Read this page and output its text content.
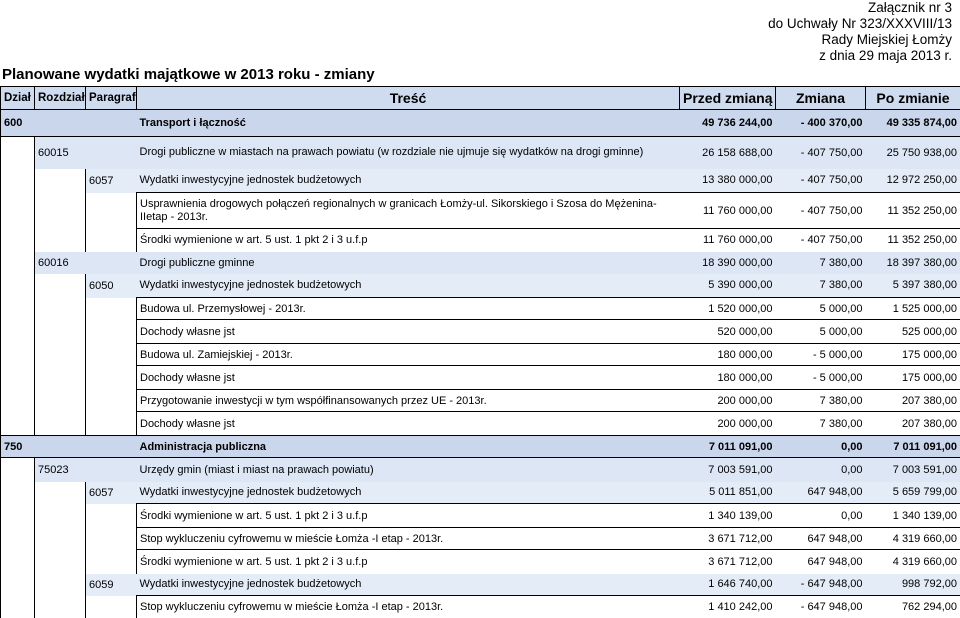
Załącznik nr 3
do Uchwały Nr 323/XXXVIII/13
Rady Miejskiej Łomży
z dnia 29 maja 2013 r.
Planowane wydatki majątkowe w 2013 roku - zmiany
Dział	Rozdział	Paragraf	Treść	Przed zmianą	Zmiana	Po zmianie
600			Transport i łączność	49 736 244,00	- 400 370,00	49 335 874,00
	60015		Drogi publiczne w miastach na prawach powiatu (w rozdziale nie ujmuje się wydatków na drogi gminne)	26 158 688,00	- 407 750,00	25 750 938,00
		6057	Wydatki inwestycyjne jednostek budżetowych	13 380 000,00	- 407 750,00	12 972 250,00
			Usprawnienia drogowych połączeń regionalnych w granicach Łomży-ul. Sikorskiego i Szosa do Mężenina-IIetap - 2013r.	11 760 000,00	- 407 750,00	11 352 250,00
			Środki wymienione w art. 5 ust. 1 pkt 2 i 3 u.f.p	11 760 000,00	- 407 750,00	11 352 250,00
	60016		Drogi publiczne gminne	18 390 000,00	7 380,00	18 397 380,00
		6050	Wydatki inwestycyjne jednostek budżetowych	5 390 000,00	7 380,00	5 397 380,00
			Budowa ul. Przemysłowej - 2013r.	1 520 000,00	5 000,00	1 525 000,00
			Dochody własne jst	520 000,00	5 000,00	525 000,00
			Budowa ul. Zamiejskiej - 2013r.	180 000,00	- 5 000,00	175 000,00
			Dochody własne jst	180 000,00	- 5 000,00	175 000,00
			Przygotowanie inwestycji w tym współfinansowanych przez UE - 2013r.	200 000,00	7 380,00	207 380,00
			Dochody własne jst	200 000,00	7 380,00	207 380,00
750			Administracja publiczna	7 011 091,00	0,00	7 011 091,00
	75023		Urzędy gmin (miast i miast na prawach powiatu)	7 003 591,00	0,00	7 003 591,00
		6057	Wydatki inwestycyjne jednostek budżetowych	5 011 851,00	647 948,00	5 659 799,00
			Środki wymienione w art. 5 ust. 1 pkt 2 i 3 u.f.p	1 340 139,00	0,00	1 340 139,00
			Stop wykluczeniu cyfrowemu w mieście Łomża -I etap - 2013r.	3 671 712,00	647 948,00	4 319 660,00
			Środki wymienione w art. 5 ust. 1 pkt 2 i 3 u.f.p	3 671 712,00	647 948,00	4 319 660,00
		6059	Wydatki inwestycyjne jednostek budżetowych	1 646 740,00	- 647 948,00	998 792,00
			Stop wykluczeniu cyfrowemu w mieście Łomża -I etap - 2013r.	1 410 242,00	- 647 948,00	762 294,00
